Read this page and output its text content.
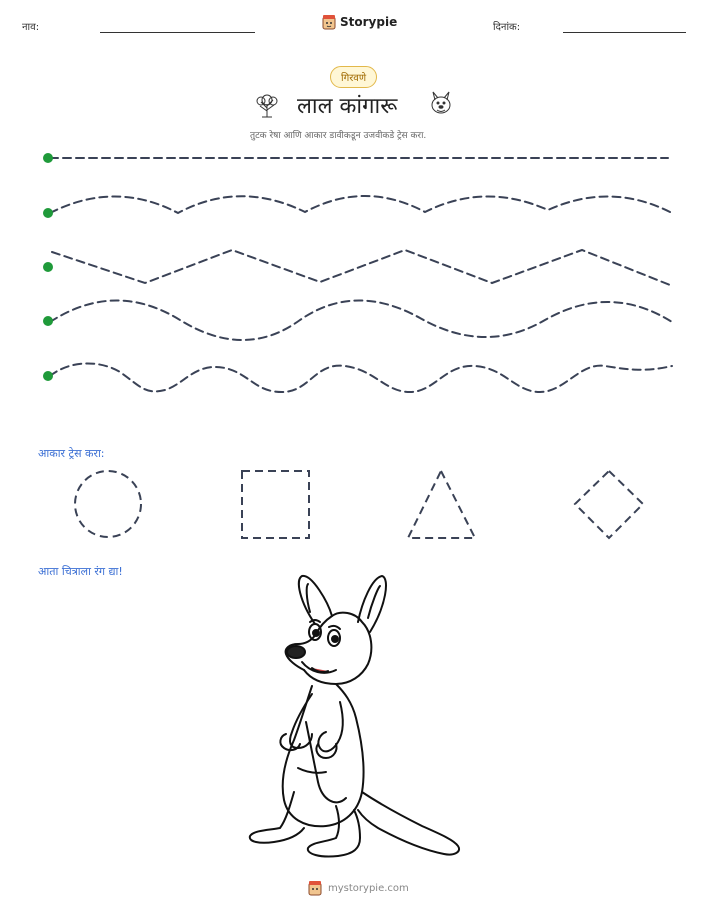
नाव:	Storypie	दिनांक:
गिरवणे
लाल कांगारू
तुटक रेषा आणि आकार डावीकडून उजवीकडे ट्रेस करा.
आकार ट्रेस करा:
आता चित्राला रंग द्या!
mystorypie.com
